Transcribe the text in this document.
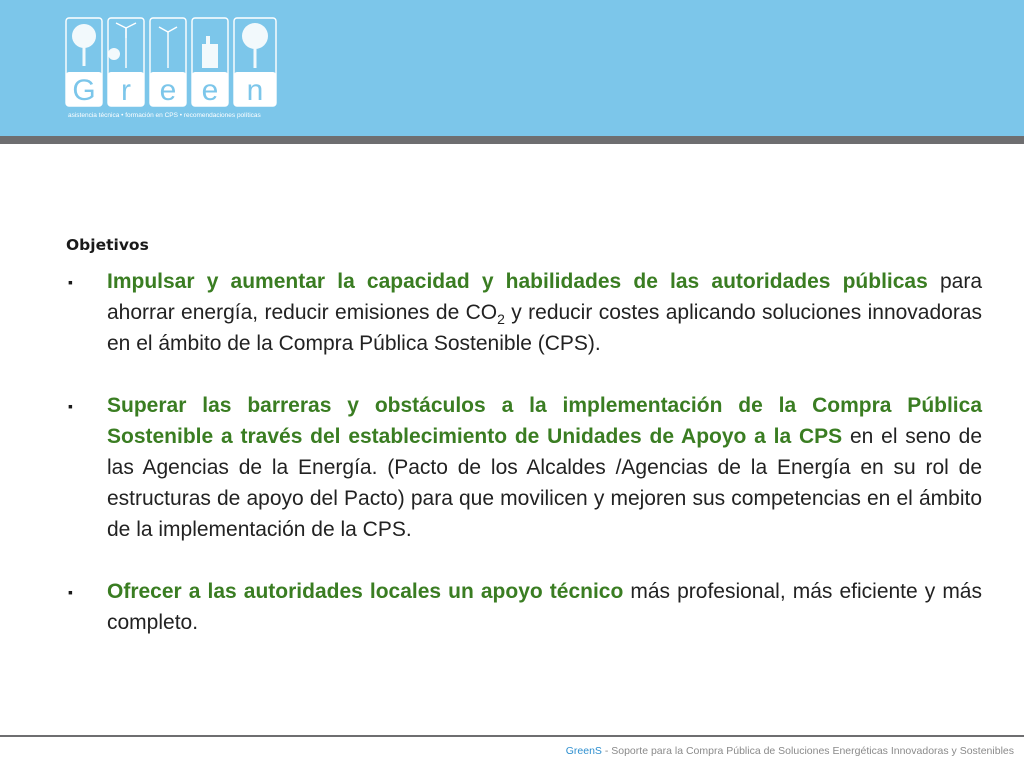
G r e e n
asistencia técnica • formación en CPS • recomendaciones políticas
Objetivos
▪ Impulsar y aumentar la capacidad y habilidades de las autoridades públicas para ahorrar energía, reducir emisiones de $CO_2$ y reducir costes aplicando soluciones innovadoras en el ámbito de la Compra Pública Sostenible (CPS).
▪ Superar las barreras y obstáculos a la implementación de la Compra Pública Sostenible a través del establecimiento de Unidades de Apoyo a la CPS en el seno de las Agencias de la Energía. (Pacto de los Alcaldes /Agencias de la Energía en su rol de estructuras de apoyo del Pacto) para que movilicen y mejoren sus competencias en el ámbito de la implementación de la CPS.
▪ Ofrecer a las autoridades locales un apoyo técnico más profesional, más eficiente y más completo.
GreenS - Soporte para la Compra Pública de Soluciones Energéticas Innovadoras y Sostenibles
